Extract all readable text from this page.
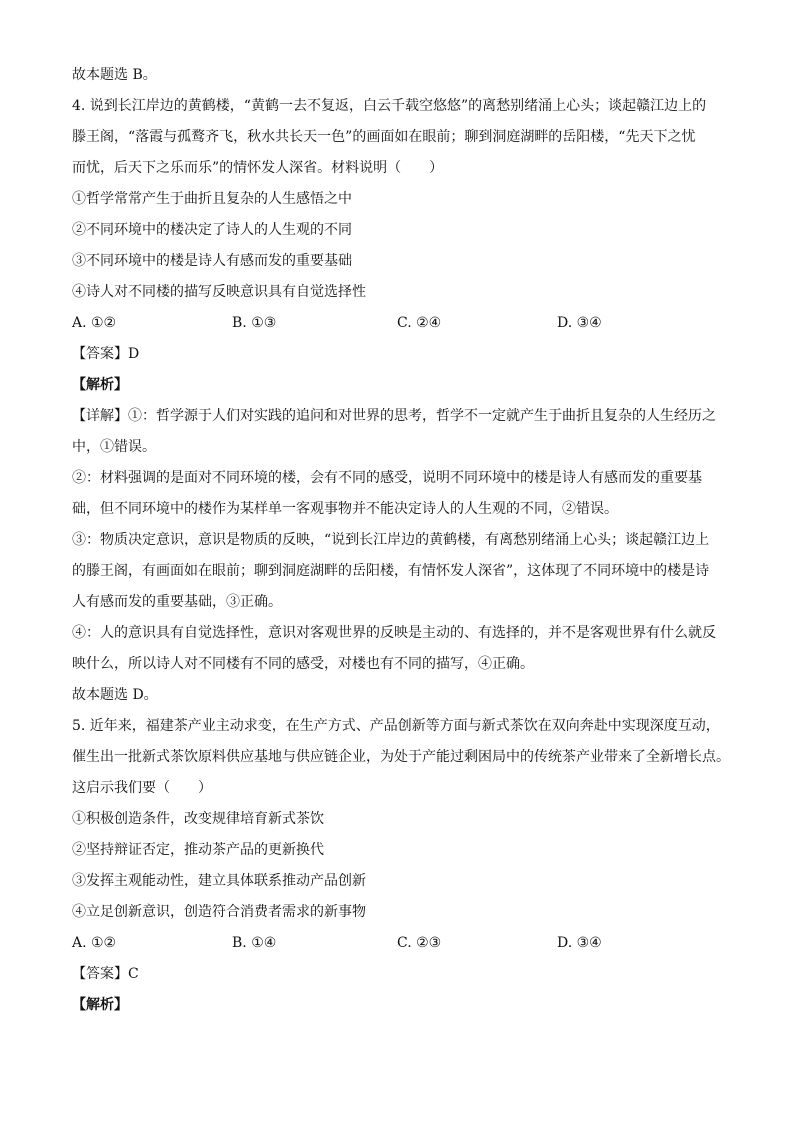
故本题选 B。
4. 说到长江岸边的黄鹤楼，“黄鹤一去不复返，白云千载空悠悠”的离愁别绪涌上心头；谈起赣江边上的
滕王阁，“落霞与孤鹜齐飞，秋水共长天一色”的画面如在眼前；聊到洞庭湖畔的岳阳楼，“先天下之忧
而忧，后天下之乐而乐”的情怀发人深省。材料说明（　　）
①哲学常常产生于曲折且复杂的人生感悟之中
②不同环境中的楼决定了诗人的人生观的不同
③不同环境中的楼是诗人有感而发的重要基础
④诗人对不同楼的描写反映意识具有自觉选择性
A. ①②	B. ①③	C. ②④	D. ③④
【答案】D
【解析】
【详解】①：哲学源于人们对实践的追问和对世界的思考，哲学不一定就产生于曲折且复杂的人生经历之
中，①错误。
②：材料强调的是面对不同环境的楼，会有不同的感受，说明不同环境中的楼是诗人有感而发的重要基
础，但不同环境中的楼作为某样单一客观事物并不能决定诗人的人生观的不同，②错误。
③：物质决定意识，意识是物质的反映，“说到长江岸边的黄鹤楼，有离愁别绪涌上心头；谈起赣江边上
的滕王阁，有画面如在眼前；聊到洞庭湖畔的岳阳楼，有情怀发人深省”，这体现了不同环境中的楼是诗
人有感而发的重要基础，③正确。
④：人的意识具有自觉选择性，意识对客观世界的反映是主动的、有选择的，并不是客观世界有什么就反
映什么，所以诗人对不同楼有不同的感受，对楼也有不同的描写，④正确。
故本题选 D。
5. 近年来，福建茶产业主动求变，在生产方式、产品创新等方面与新式茶饮在双向奔赴中实现深度互动，
催生出一批新式茶饮原料供应基地与供应链企业，为处于产能过剩困局中的传统茶产业带来了全新增长点。
这启示我们要（　　）
①积极创造条件，改变规律培育新式茶饮
②坚持辩证否定，推动茶产品的更新换代
③发挥主观能动性，建立具体联系推动产品创新
④立足创新意识，创造符合消费者需求的新事物
A. ①②	B. ①④	C. ②③	D. ③④
【答案】C
【解析】
